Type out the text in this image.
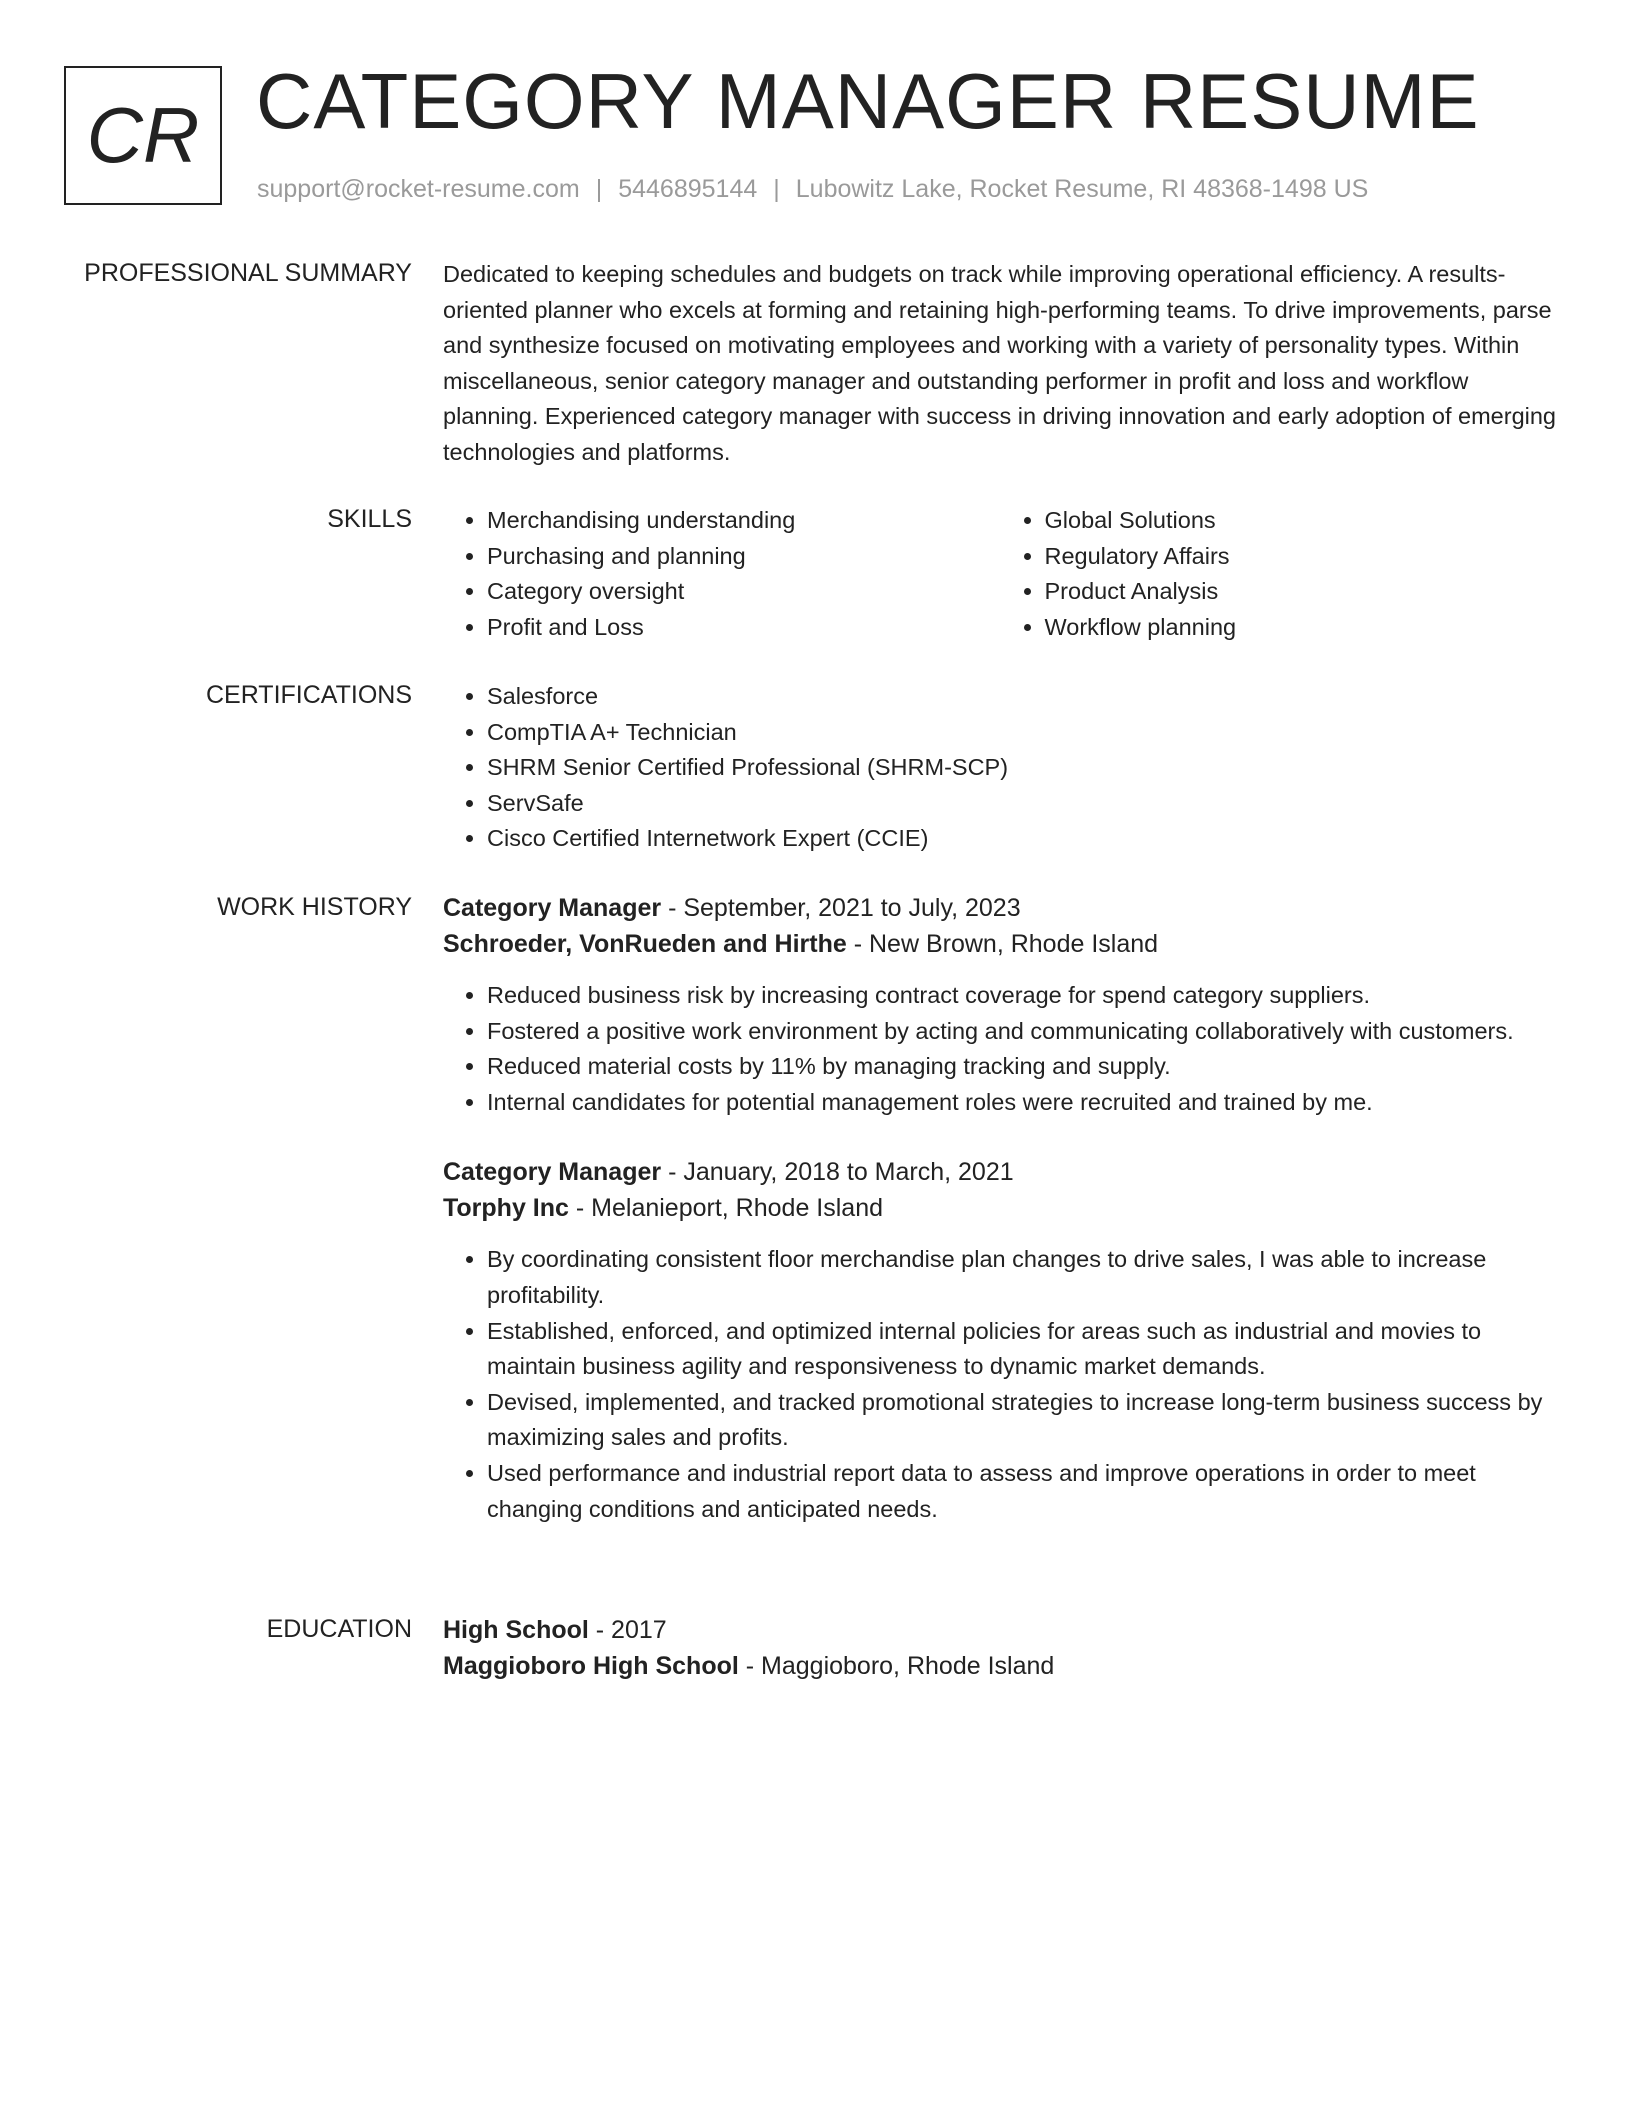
CR CATEGORY MANAGER RESUME
support@rocket-resume.com | 5446895144 | Lubowitz Lake, Rocket Resume, RI 48368-1498 US
PROFESSIONAL SUMMARY Dedicated to keeping schedules and budgets on track while improving operational efficiency. A results-oriented planner who excels at forming and retaining high-performing teams. To drive improvements, parse and synthesize focused on motivating employees and working with a variety of personality types. Within miscellaneous, senior category manager and outstanding performer in profit and loss and workflow planning. Experienced category manager with success in driving innovation and early adoption of emerging technologies and platforms.

SKILLS	• Merchandising understanding
• Purchasing and planning
• Category oversight
• Profit and Loss
• Global Solutions
• Regulatory Affairs
• Product Analysis
• Workflow planning
CERTIFICATIONS	• Salesforce
• CompTIA A+ Technician
• SHRM Senior Certified Professional (SHRM-SCP)
• ServSafe
• Cisco Certified Internetwork Expert (CCIE)
WORK HISTORY Category Manager - September, 2021 to July, 2023
Schroeder, VonRueden and Hirthe - New Brown, Rhode Island
• Reduced business risk by increasing contract coverage for spend category suppliers.
• Fostered a positive work environment by acting and communicating collaboratively with customers.
• Reduced material costs by 11% by managing tracking and supply.
• Internal candidates for potential management roles were recruited and trained by me.
Category Manager - January, 2018 to March, 2021
Torphy Inc - Melanieport, Rhode Island
• By coordinating consistent floor merchandise plan changes to drive sales, I was able to increase profitability.
• Established, enforced, and optimized internal policies for areas such as industrial and movies to maintain business agility and responsiveness to dynamic market demands.
• Devised, implemented, and tracked promotional strategies to increase long-term business success by maximizing sales and profits.
• Used performance and industrial report data to assess and improve operations in order to meet changing conditions and anticipated needs.
EDUCATION High School - 2017
Maggioboro High School - Maggioboro, Rhode Island
